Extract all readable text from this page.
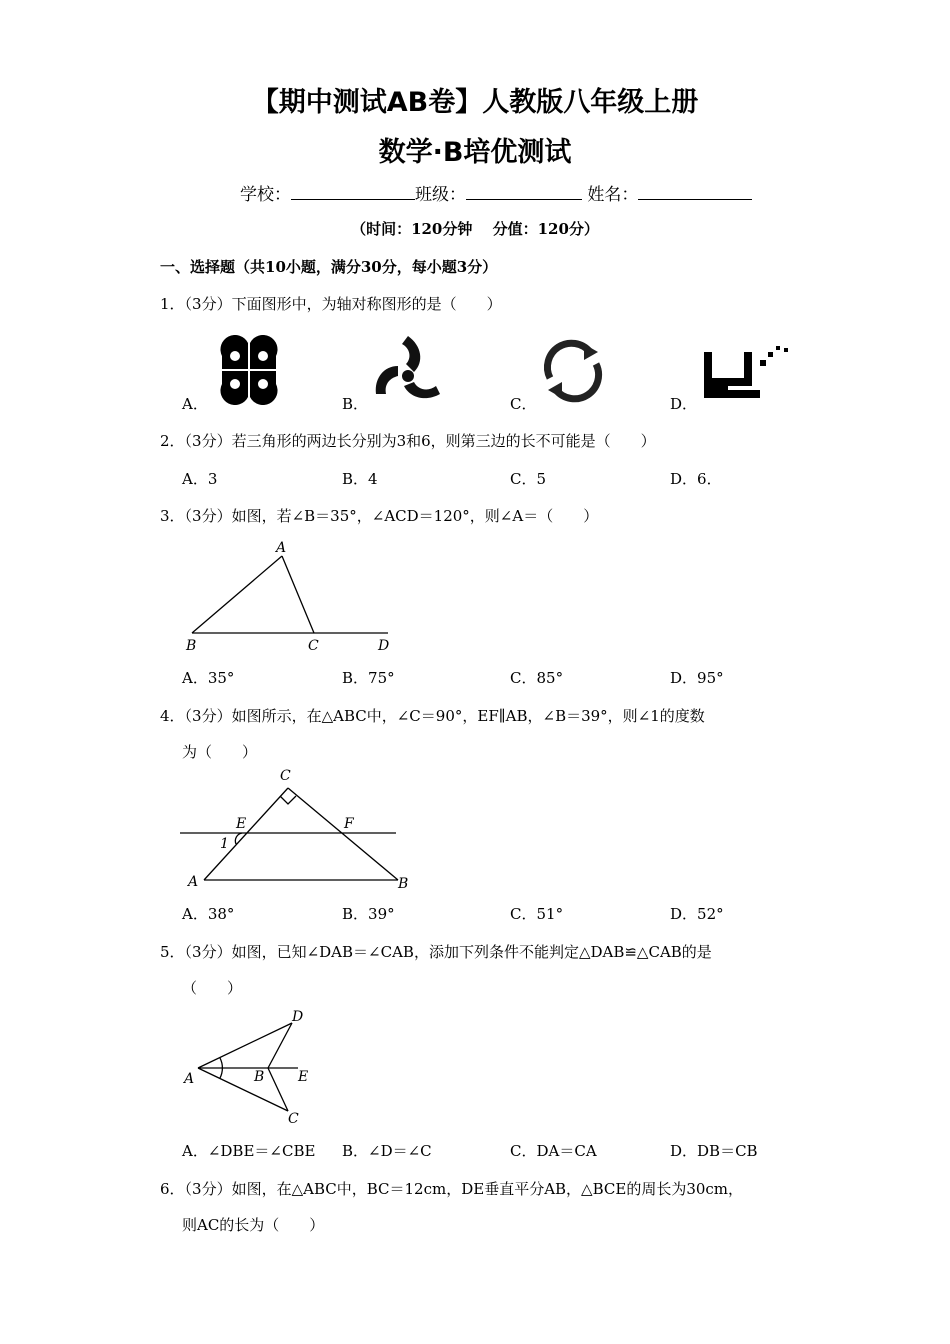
【期中测试AB卷】人教版八年级上册
数学·B培优测试
学校：	班级：	姓名：
（时间：120分钟　 分值：120分）
一、选择题（共10小题，满分30分，每小题3分）
1．（3分）下面图形中，为轴对称图形的是（　　）
A．	B．	C．	D．
2．（3分）若三角形的两边长分别为3和6，则第三边的长不可能是（　　）
A．3	B．4	C．5	D．6．
3．（3分）如图，若∠B＝35°，∠ACD＝120°，则∠A＝（　　）
A
B	C	D
A．35°	B．75°	C．85°	D．95°
4．（3分）如图所示，在△ABC中，∠C＝90°，EF∥AB，∠B＝39°，则∠1的度数
为（　　）
C
E	F
1
A	B
A．38°	B．39°	C．51°	D．52°
5．（3分）如图，已知∠DAB＝∠CAB，添加下列条件不能判定△DAB≌△CAB的是
（　　）
D
A	B E
C
A．∠DBE＝∠CBE B．∠D＝∠C	C．DA＝CA	D．DB＝CB
6．（3分）如图，在△ABC中，BC＝12cm，DE垂直平分AB，△BCE的周长为30cm，
则AC的长为（　　）
